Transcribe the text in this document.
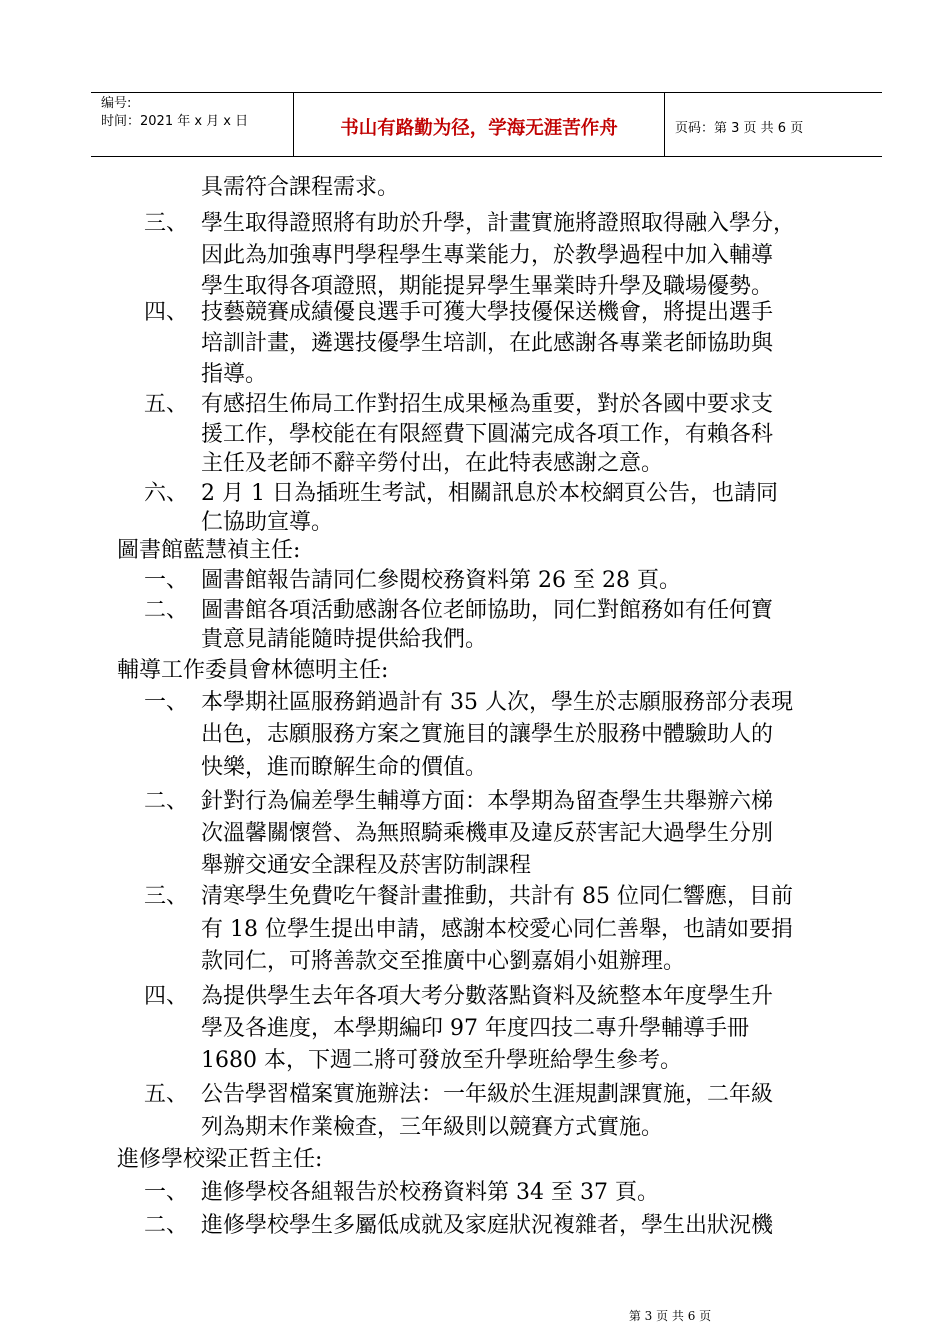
编号:
时间：2021 年 x 月 x 日	书山有路勤为径，学海无涯苦作舟	页码：第 3 页 共 6 页
具需符合課程需求。
三、 學生取得證照將有助於升學，計畫實施將證照取得融入學分，
因此為加強專門學程學生專業能力，於教學過程中加入輔導
學生取得各項證照，期能提昇學生畢業時升學及職場優勢。
四、 技藝競賽成績優良選手可獲大學技優保送機會，將提出選手
培訓計畫，遴選技優學生培訓，在此感謝各專業老師協助與
指導。
五、 有感招生佈局工作對招生成果極為重要，對於各國中要求支
援工作，學校能在有限經費下圓滿完成各項工作，有賴各科
主任及老師不辭辛勞付出，在此特表感謝之意。
六、 2 月 1 日為插班生考試，相關訊息於本校網頁公告，也請同
仁協助宣導。
圖書館藍慧禎主任:
一、 圖書館報告請同仁參閱校務資料第 26 至 28 頁。
二、 圖書館各項活動感謝各位老師協助，同仁對館務如有任何寶
貴意見請能隨時提供給我們。
輔導工作委員會林德明主任:
一、 本學期社區服務銷過計有 35 人次，學生於志願服務部分表現
出色，志願服務方案之實施目的讓學生於服務中體驗助人的
快樂，進而瞭解生命的價值。
二、 針對行為偏差學生輔導方面：本學期為留查學生共舉辦六梯
次溫馨關懷營、為無照騎乘機車及違反菸害記大過學生分別
舉辦交通安全課程及菸害防制課程
三、 清寒學生免費吃午餐計畫推動，共計有 85 位同仁響應，目前
有 18 位學生提出申請，感謝本校愛心同仁善舉，也請如要捐
款同仁，可將善款交至推廣中心劉嘉娟小姐辦理。
四、 為提供學生去年各項大考分數落點資料及統整本年度學生升
學及各進度，本學期編印 97 年度四技二專升學輔導手冊
1680 本，下週二將可發放至升學班給學生參考。
五、 公告學習檔案實施辦法：一年級於生涯規劃課實施，二年級
列為期末作業檢查，三年級則以競賽方式實施。
進修學校梁正哲主任:
一、 進修學校各組報告於校務資料第 34 至 37 頁。
二、 進修學校學生多屬低成就及家庭狀況複雜者，學生出狀況機
第 3 页 共 6 页
